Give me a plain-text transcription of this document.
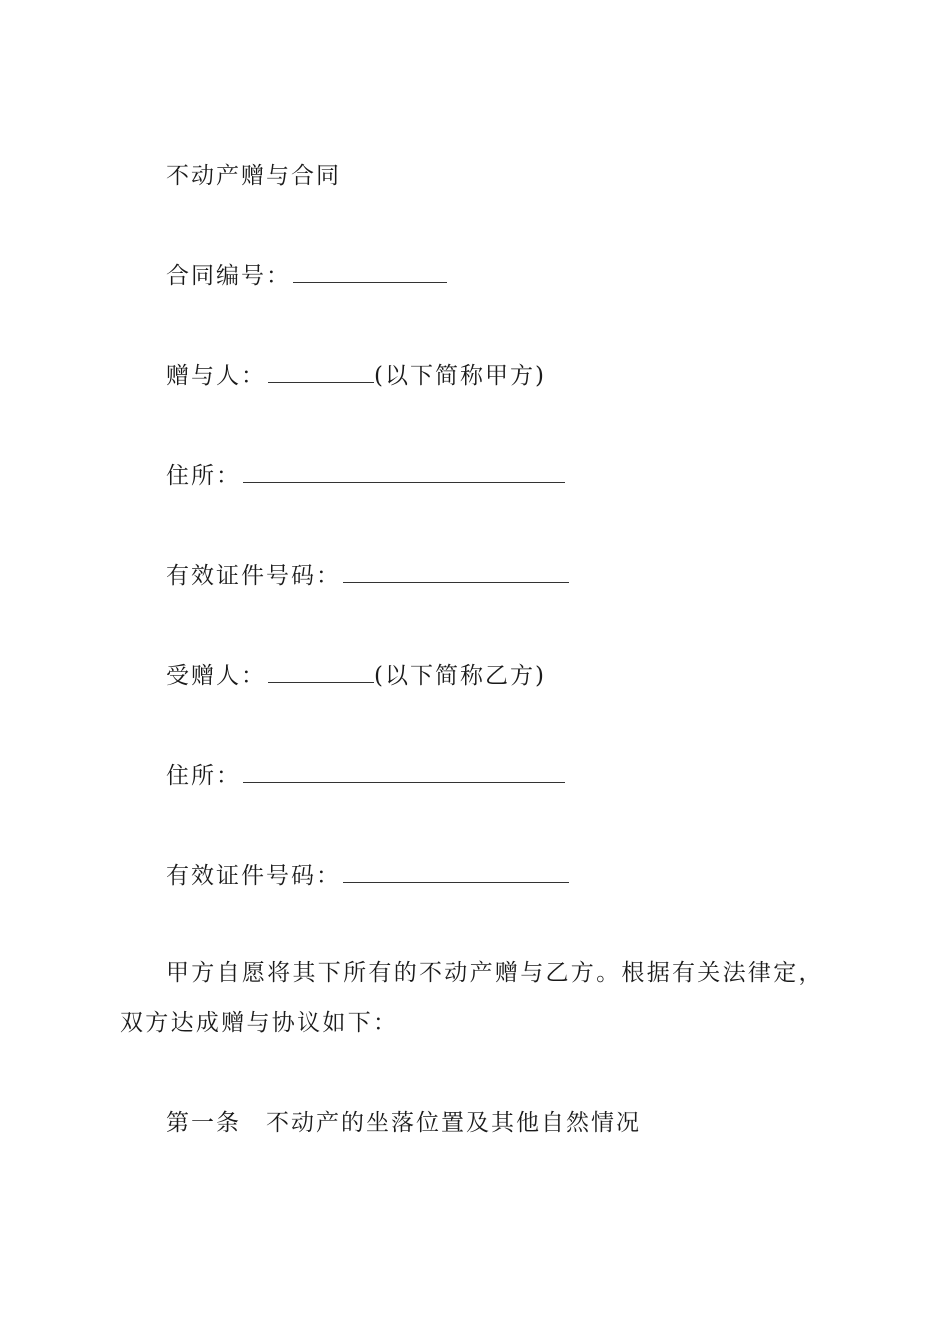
不动产赠与合同
合同编号：
赠与人：	(以下简称甲方)
住所：
有效证件号码：
受赠人：	(以下简称乙方)
住所：
有效证件号码：
甲方自愿将其下所有的不动产赠与乙方。根据有关法律定，双方达成赠与协议如下：
第一条　不动产的坐落位置及其他自然情况
